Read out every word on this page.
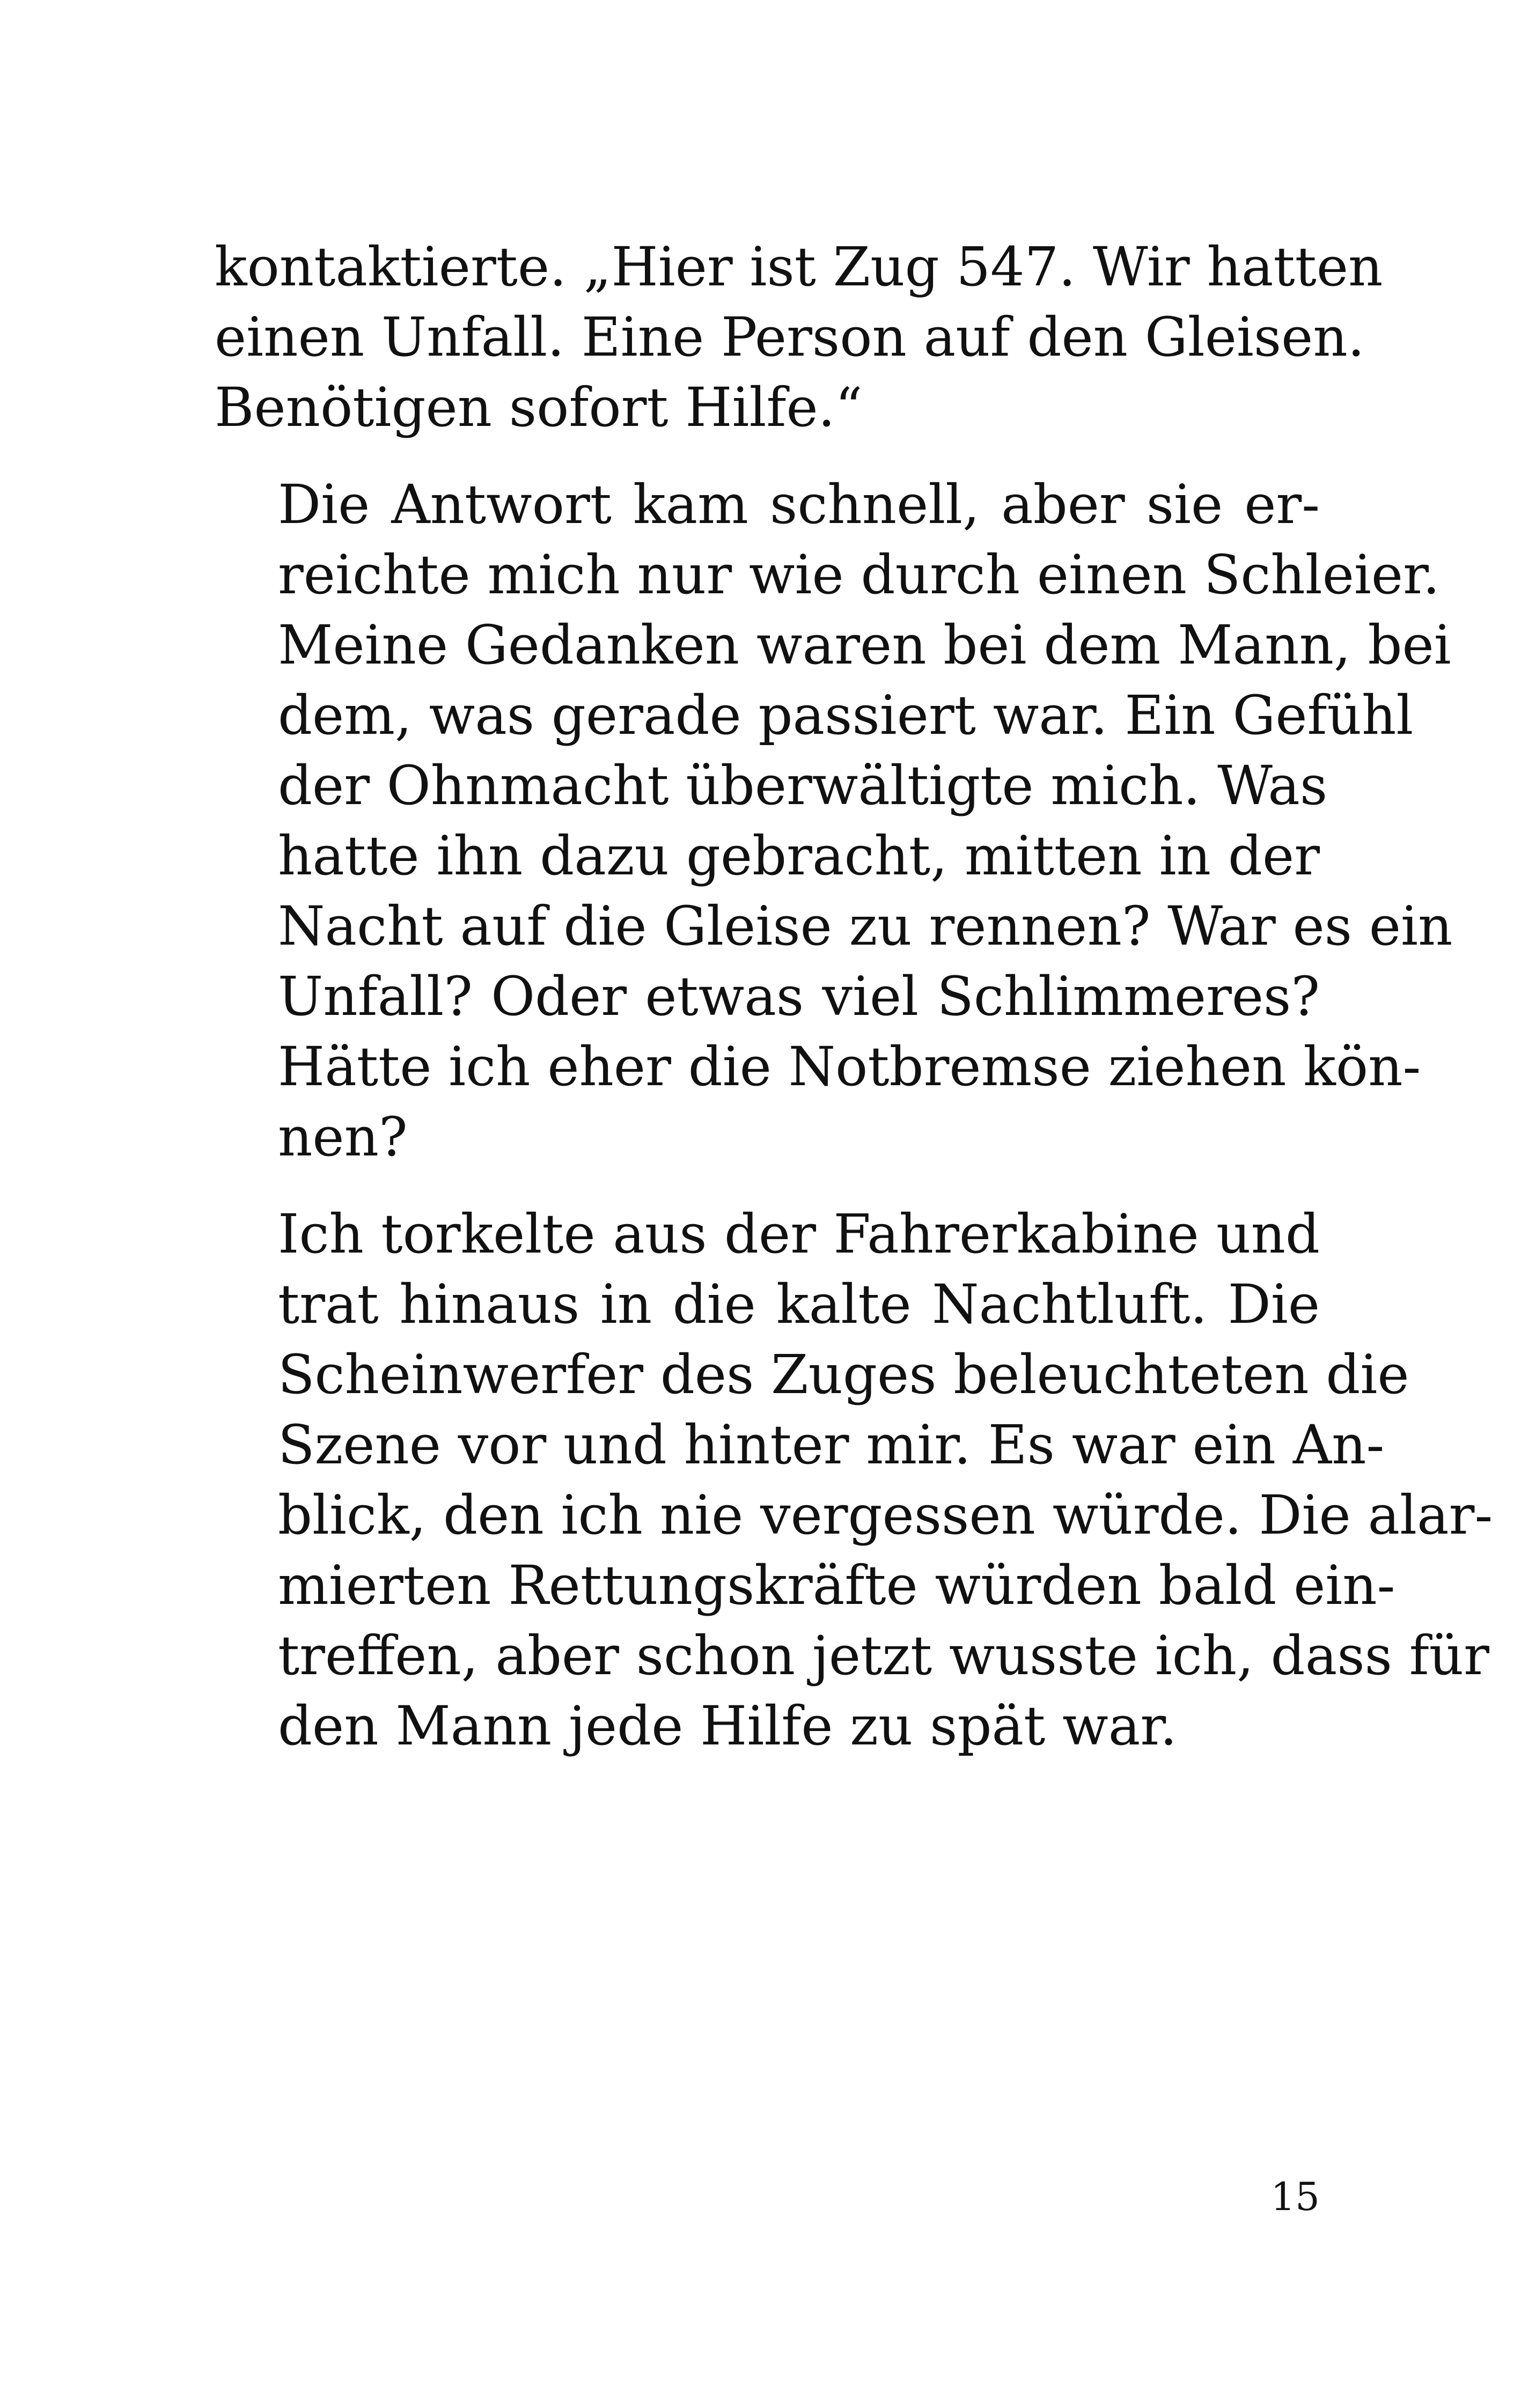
kontaktierte. „Hier ist Zug 547. Wir hatten
einen Unfall. Eine Person auf den Gleisen.
Benötigen sofort Hilfe.“
Die Antwort kam schnell, aber sie er-
reichte mich nur wie durch einen Schleier.
Meine Gedanken waren bei dem Mann, bei
dem, was gerade passiert war. Ein Gefühl
der Ohnmacht überwältigte mich. Was
hatte ihn dazu gebracht, mitten in der
Nacht auf die Gleise zu rennen? War es ein
Unfall? Oder etwas viel Schlimmeres?
Hätte ich eher die Notbremse ziehen kön-
nen?
Ich torkelte aus der Fahrerkabine und
trat hinaus in die kalte Nachtluft. Die
Scheinwerfer des Zuges beleuchteten die
Szene vor und hinter mir. Es war ein An-
blick, den ich nie vergessen würde. Die alar-
mierten Rettungskräfte würden bald ein-
treffen, aber schon jetzt wusste ich, dass für
den Mann jede Hilfe zu spät war.
15
